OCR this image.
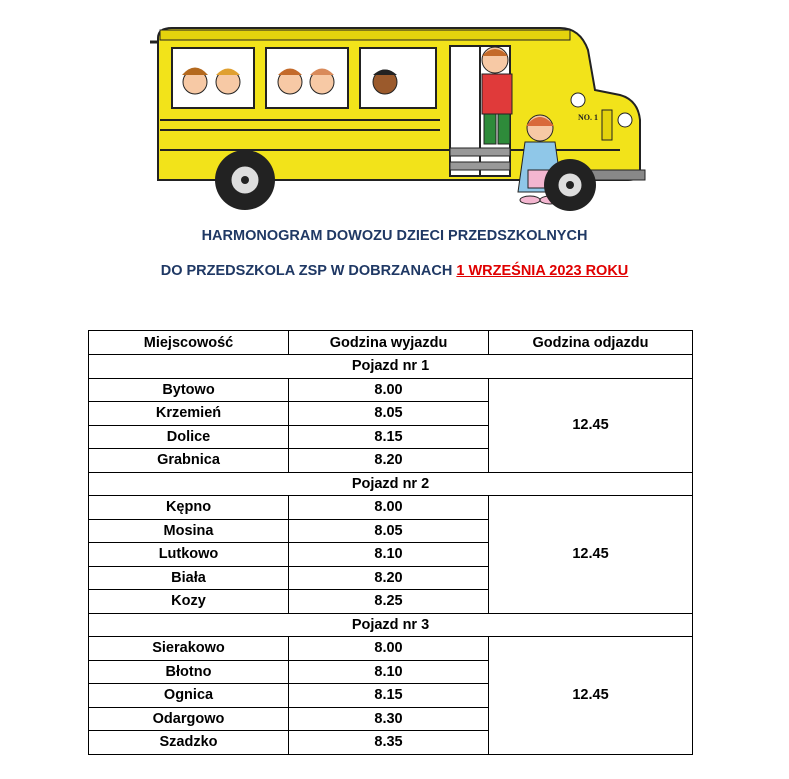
NO. 1
HARMONOGRAM DOWOZU DZIECI PRZEDSZKOLNYCH
DO PRZEDSZKOLA ZSP W DOBRZANACH 1 WRZEŚNIA 2023 ROKU
Miejscowość	Godzina wyjazdu	Godzina odjazdu
Pojazd nr 1		
Bytowo	8.00	12.45
Krzemień	8.05	
Dolice	8.15	
Grabnica	8.20	
Pojazd nr 2		
Kępno	8.00	12.45
Mosina	8.05	
Lutkowo	8.10	
Biała	8.20	
Kozy	8.25	
Pojazd nr 3		
Sierakowo	8.00	12.45
Błotno	8.10	
Ognica	8.15	
Odargowo	8.30	
Szadzko	8.35	
